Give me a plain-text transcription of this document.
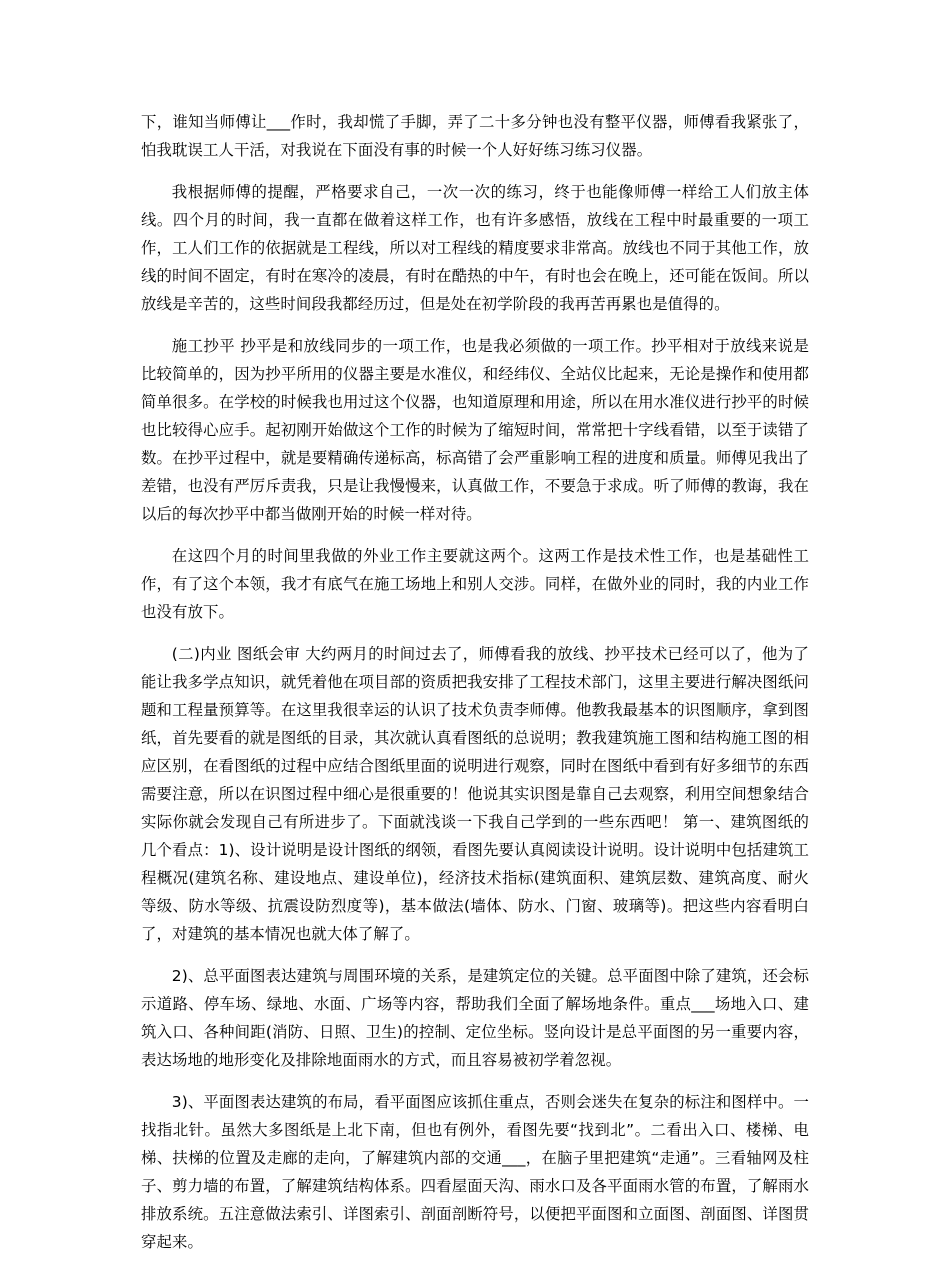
下，谁知当师傅让___作时，我却慌了手脚，弄了二十多分钟也没有整平仪器，师傅看我紧张了，怕我耽误工人干活，对我说在下面没有事的时候一个人好好练习练习仪器。

我根据师傅的提醒，严格要求自己，一次一次的练习，终于也能像师傅一样给工人们放主体线。四个月的时间，我一直都在做着这样工作，也有许多感悟，放线在工程中时最重要的一项工作，工人们工作的依据就是工程线，所以对工程线的精度要求非常高。放线也不同于其他工作，放线的时间不固定，有时在寒冷的凌晨，有时在酷热的中午，有时也会在晚上，还可能在饭间。所以放线是辛苦的，这些时间段我都经历过，但是处在初学阶段的我再苦再累也是值得的。

施工抄平 抄平是和放线同步的一项工作，也是我必须做的一项工作。抄平相对于放线来说是比较简单的，因为抄平所用的仪器主要是水准仪，和经纬仪、全站仪比起来，无论是操作和使用都简单很多。在学校的时候我也用过这个仪器，也知道原理和用途，所以在用水准仪进行抄平的时候也比较得心应手。起初刚开始做这个工作的时候为了缩短时间，常常把十字线看错，以至于读错了数。在抄平过程中，就是要精确传递标高，标高错了会严重影响工程的进度和质量。师傅见我出了差错，也没有严厉斥责我，只是让我慢慢来，认真做工作，不要急于求成。听了师傅的教诲，我在以后的每次抄平中都当做刚开始的时候一样对待。

在这四个月的时间里我做的外业工作主要就这两个。这两工作是技术性工作，也是基础性工作，有了这个本领，我才有底气在施工场地上和别人交涉。同样，在做外业的同时，我的内业工作也没有放下。

(二)内业 图纸会审 大约两月的时间过去了，师傅看我的放线、抄平技术已经可以了，他为了能让我多学点知识，就凭着他在项目部的资质把我安排了工程技术部门，这里主要进行解决图纸问题和工程量预算等。在这里我很幸运的认识了技术负责李师傅。他教我最基本的识图顺序，拿到图纸，首先要看的就是图纸的目录，其次就认真看图纸的总说明；教我建筑施工图和结构施工图的相应区别，在看图纸的过程中应结合图纸里面的说明进行观察，同时在图纸中看到有好多细节的东西需要注意，所以在识图过程中细心是很重要的！他说其实识图是靠自己去观察，利用空间想象结合实际你就会发现自己有所进步了。下面就浅谈一下我自己学到的一些东西吧！ 第一、建筑图纸的几个看点：1)、设计说明是设计图纸的纲领，看图先要认真阅读设计说明。设计说明中包括建筑工程概况(建筑名称、建设地点、建设单位)，经济技术指标(建筑面积、建筑层数、建筑高度、耐火等级、防水等级、抗震设防烈度等)，基本做法(墙体、防水、门窗、玻璃等)。把这些内容看明白了，对建筑的基本情况也就大体了解了。

2)、总平面图表达建筑与周围环境的关系，是建筑定位的关键。总平面图中除了建筑，还会标示道路、停车场、绿地、水面、广场等内容，帮助我们全面了解场地条件。重点___场地入口、建筑入口、各种间距(消防、日照、卫生)的控制、定位坐标。竖向设计是总平面图的另一重要内容，表达场地的地形变化及排除地面雨水的方式，而且容易被初学着忽视。

3)、平面图表达建筑的布局，看平面图应该抓住重点，否则会迷失在复杂的标注和图样中。一找指北针。虽然大多图纸是上北下南，但也有例外，看图先要“找到北”。二看出入口、楼梯、电梯、扶梯的位置及走廊的走向，了解建筑内部的交通___，在脑子里把建筑“走通”。三看轴网及柱子、剪力墙的布置，了解建筑结构体系。四看屋面天沟、雨水口及各平面雨水管的布置，了解雨水排放系统。五注意做法索引、详图索引、剖面剖断符号，以便把平面图和立面图、剖面图、详图贯穿起来。
